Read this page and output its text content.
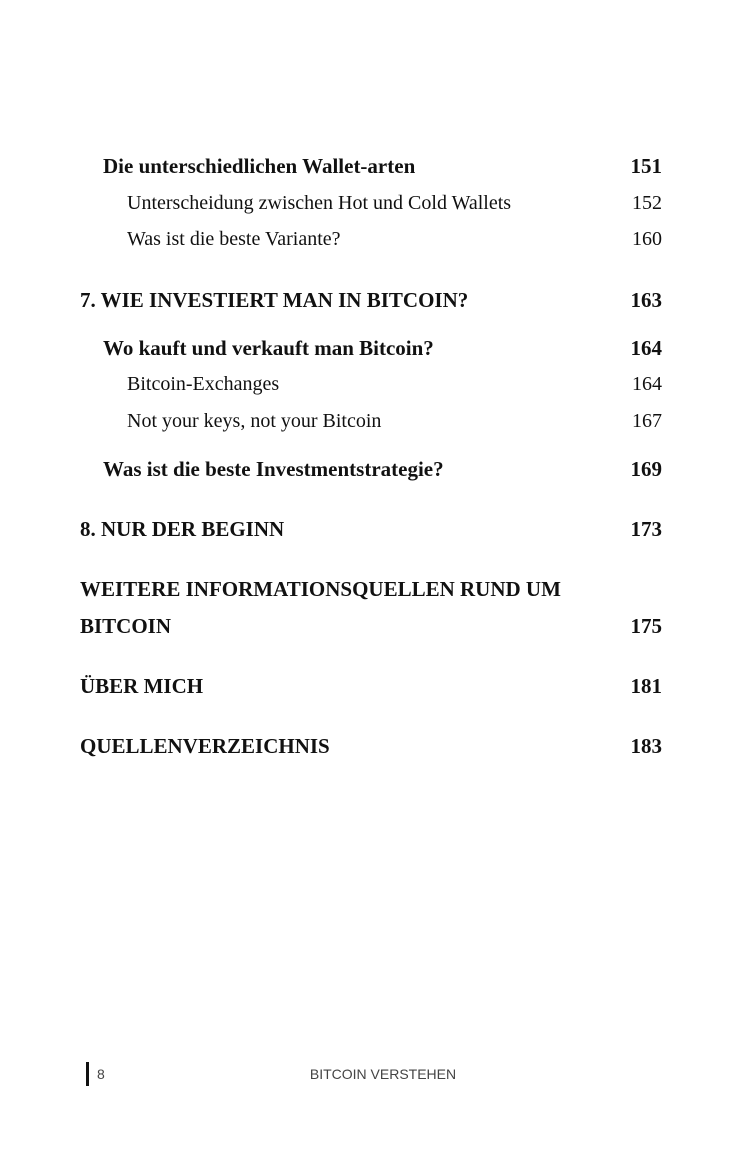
Die unterschiedlichen Wallet-arten	151
Unterscheidung zwischen Hot und Cold Wallets	152
Was ist die beste Variante?	160
7. WIE INVESTIERT MAN IN BITCOIN?	163
Wo kauft und verkauft man Bitcoin?	164
Bitcoin-Exchanges	164
Not your keys, not your Bitcoin	167
Was ist die beste Investmentstrategie?	169
8. NUR DER BEGINN	173
WEITERE INFORMATIONSQUELLEN RUND UM
BITCOIN	175
ÜBER MICH	181
QUELLENVERZEICHNIS	183
8	BITCOIN VERSTEHEN
